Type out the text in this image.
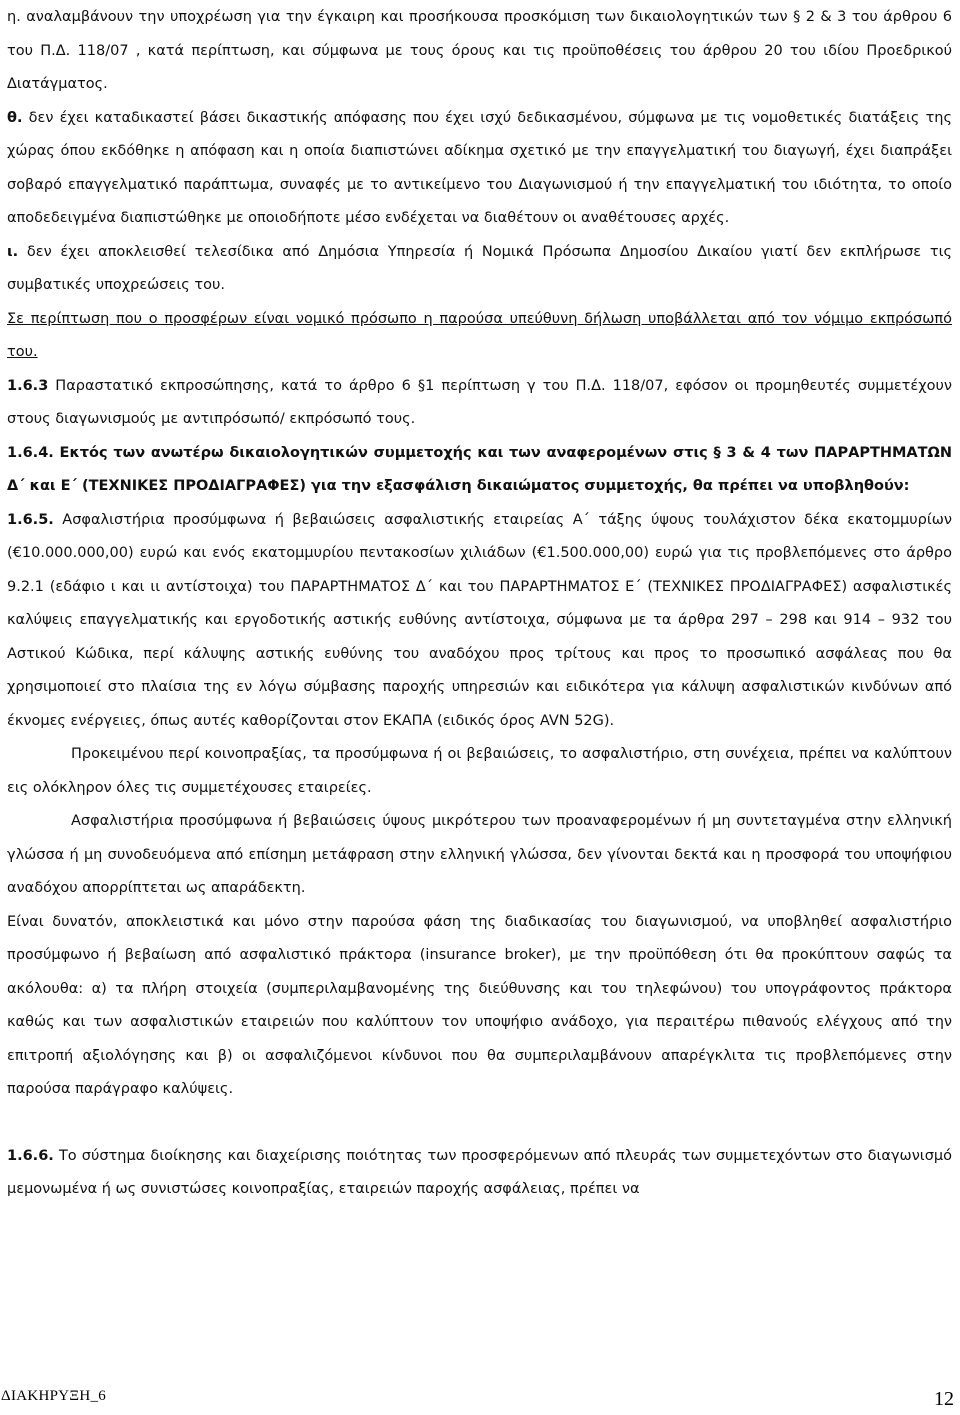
η. αναλαμβάνουν την υποχρέωση για την έγκαιρη και προσήκουσα προσκόμιση των δικαιολογητικών των § 2 & 3 του άρθρου 6 του Π.Δ. 118/07 , κατά περίπτωση, και σύμφωνα με τους όρους και τις προϋποθέσεις του άρθρου 20 του ιδίου Προεδρικού Διατάγματος.

θ. δεν έχει καταδικαστεί βάσει δικαστικής απόφασης που έχει ισχύ δεδικασμένου, σύμφωνα με τις νομοθετικές διατάξεις της χώρας όπου εκδόθηκε η απόφαση και η οποία διαπιστώνει αδίκημα σχετικό με την επαγγελματική του διαγωγή, έχει διαπράξει σοβαρό επαγγελματικό παράπτωμα, συναφές με το αντικείμενο του Διαγωνισμού ή την επαγγελματική του ιδιότητα, το οποίο αποδεδειγμένα διαπιστώθηκε με οποιοδήποτε μέσο ενδέχεται να διαθέτουν οι αναθέτουσες αρχές.

ι. δεν έχει αποκλεισθεί τελεσίδικα από Δημόσια Υπηρεσία ή Νομικά Πρόσωπα Δημοσίου Δικαίου γιατί δεν εκπλήρωσε τις συμβατικές υποχρεώσεις του.

Σε περίπτωση που ο προσφέρων είναι νομικό πρόσωπο η παρούσα υπεύθυνη δήλωση υποβάλλεται από τον νόμιμο εκπρόσωπό του.

1.6.3 Παραστατικό εκπροσώπησης, κατά το άρθρο 6 §1 περίπτωση γ του Π.Δ. 118/07, εφόσον οι προμηθευτές συμμετέχουν στους διαγωνισμούς με αντιπρόσωπό/ εκπρόσωπό τους.

1.6.4. Εκτός των ανωτέρω δικαιολογητικών συμμετοχής και των αναφερομένων στις § 3 & 4 των ΠΑΡΑΡΤΗΜΑΤΩΝ Δ΄ και Ε΄ (ΤΕΧΝΙΚΕΣ ΠΡΟΔΙΑΓΡΑΦΕΣ) για την εξασφάλιση δικαιώματος συμμετοχής, θα πρέπει να υποβληθούν:

1.6.5. Ασφαλιστήρια προσύμφωνα ή βεβαιώσεις ασφαλιστικής εταιρείας Α΄ τάξης ύψους τουλάχιστον δέκα εκατομμυρίων (€10.000.000,00) ευρώ και ενός εκατομμυρίου πεντακοσίων χιλιάδων (€1.500.000,00) ευρώ για τις προβλεπόμενες στο άρθρο 9.2.1 (εδάφιο ι και ιι αντίστοιχα) του ΠΑΡΑΡΤΗΜΑΤΟΣ Δ΄ και του ΠΑΡΑΡΤΗΜΑΤΟΣ Ε΄ (ΤΕΧΝΙΚΕΣ ΠΡΟΔΙΑΓΡΑΦΕΣ) ασφαλιστικές καλύψεις επαγγελματικής και εργοδοτικής αστικής ευθύνης αντίστοιχα, σύμφωνα με τα άρθρα 297 – 298 και 914 – 932 του Αστικού Κώδικα, περί κάλυψης αστικής ευθύνης του αναδόχου προς τρίτους και προς το προσωπικό ασφάλεας που θα χρησιμοποιεί στο πλαίσια της εν λόγω σύμβασης παροχής υπηρεσιών και ειδικότερα για κάλυψη ασφαλιστικών κινδύνων από έκνομες ενέργειες, όπως αυτές καθορίζονται στον ΕΚΑΠΑ (ειδικός όρος AVN 52G).

Προκειμένου περί κοινοπραξίας, τα προσύμφωνα ή οι βεβαιώσεις, το ασφαλιστήριο, στη συνέχεια, πρέπει να καλύπτουν εις ολόκληρον όλες τις συμμετέχουσες εταιρείες.

Ασφαλιστήρια προσύμφωνα ή βεβαιώσεις ύψους μικρότερου των προαναφερομένων ή μη συντεταγμένα στην ελληνική γλώσσα ή μη συνοδευόμενα από επίσημη μετάφραση στην ελληνική γλώσσα, δεν γίνονται δεκτά και η προσφορά του υποψήφιου αναδόχου απορρίπτεται ως απαράδεκτη.

Είναι δυνατόν, αποκλειστικά και μόνο στην παρούσα φάση της διαδικασίας του διαγωνισμού, να υποβληθεί ασφαλιστήριο προσύμφωνο ή βεβαίωση από ασφαλιστικό πράκτορα (insurance broker), με την προϋπόθεση ότι θα προκύπτουν σαφώς τα ακόλουθα: α) τα πλήρη στοιχεία (συμπεριλαμβανομένης της διεύθυνσης και του τηλεφώνου) του υπογράφοντος πράκτορα καθώς και των ασφαλιστικών εταιρειών που καλύπτουν τον υποψήφιο ανάδοχο, για περαιτέρω πιθανούς ελέγχους από την επιτροπή αξιολόγησης και β) οι ασφαλιζόμενοι κίνδυνοι που θα συμπεριλαμβάνουν απαρέγκλιτα τις προβλεπόμενες στην παρούσα παράγραφο καλύψεις.

1.6.6. Το σύστημα διοίκησης και διαχείρισης ποιότητας των προσφερόμενων από πλευράς των συμμετεχόντων στο διαγωνισμό μεμονωμένα ή ως συνιστώσες κοινοπραξίας, εταιρειών παροχής ασφάλειας, πρέπει να

ΔΙΑΚΗΡΥΞΗ_6	12
